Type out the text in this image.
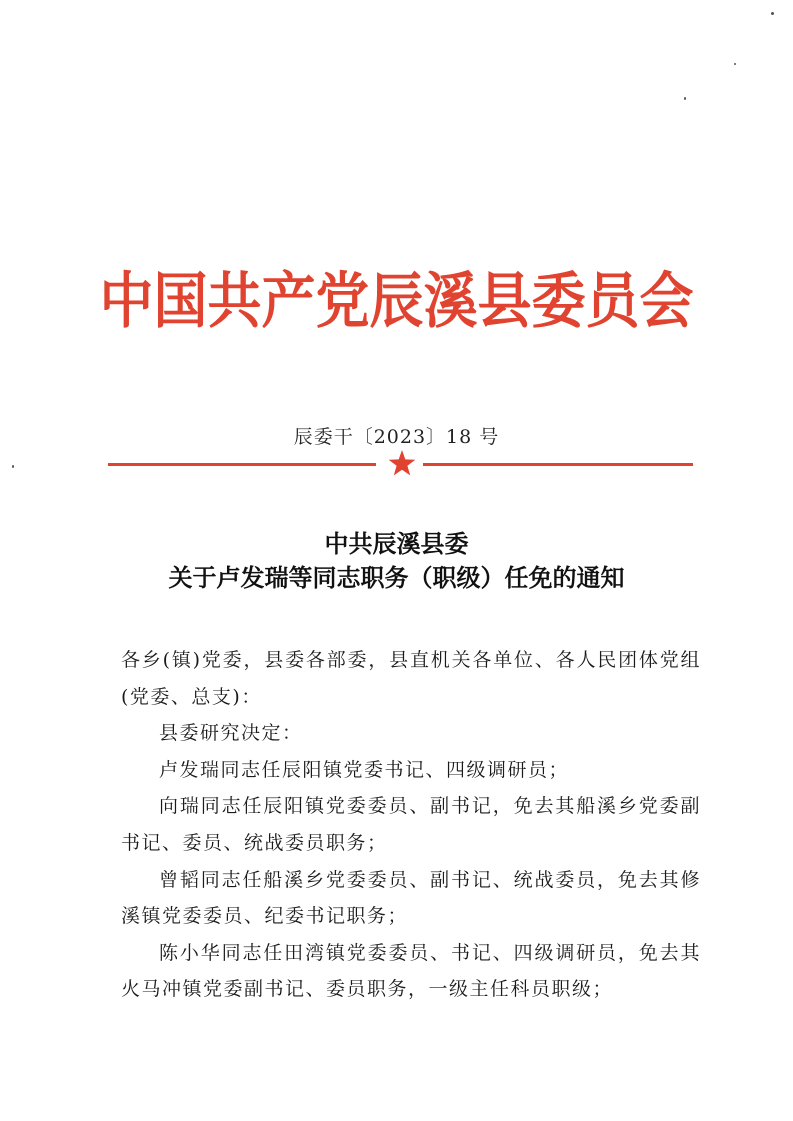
中国共产党辰溪县委员会
辰委干〔2023〕18 号
中共辰溪县委
关于卢发瑞等同志职务（职级）任免的通知

各乡(镇)党委，县委各部委，县直机关各单位、各人民团体党组(党委、总支)：

县委研究决定：

卢发瑞同志任辰阳镇党委书记、四级调研员；

向瑞同志任辰阳镇党委委员、副书记，免去其船溪乡党委副书记、委员、统战委员职务；

曾韬同志任船溪乡党委委员、副书记、统战委员，免去其修溪镇党委委员、纪委书记职务；

陈小华同志任田湾镇党委委员、书记、四级调研员，免去其火马冲镇党委副书记、委员职务，一级主任科员职级；
